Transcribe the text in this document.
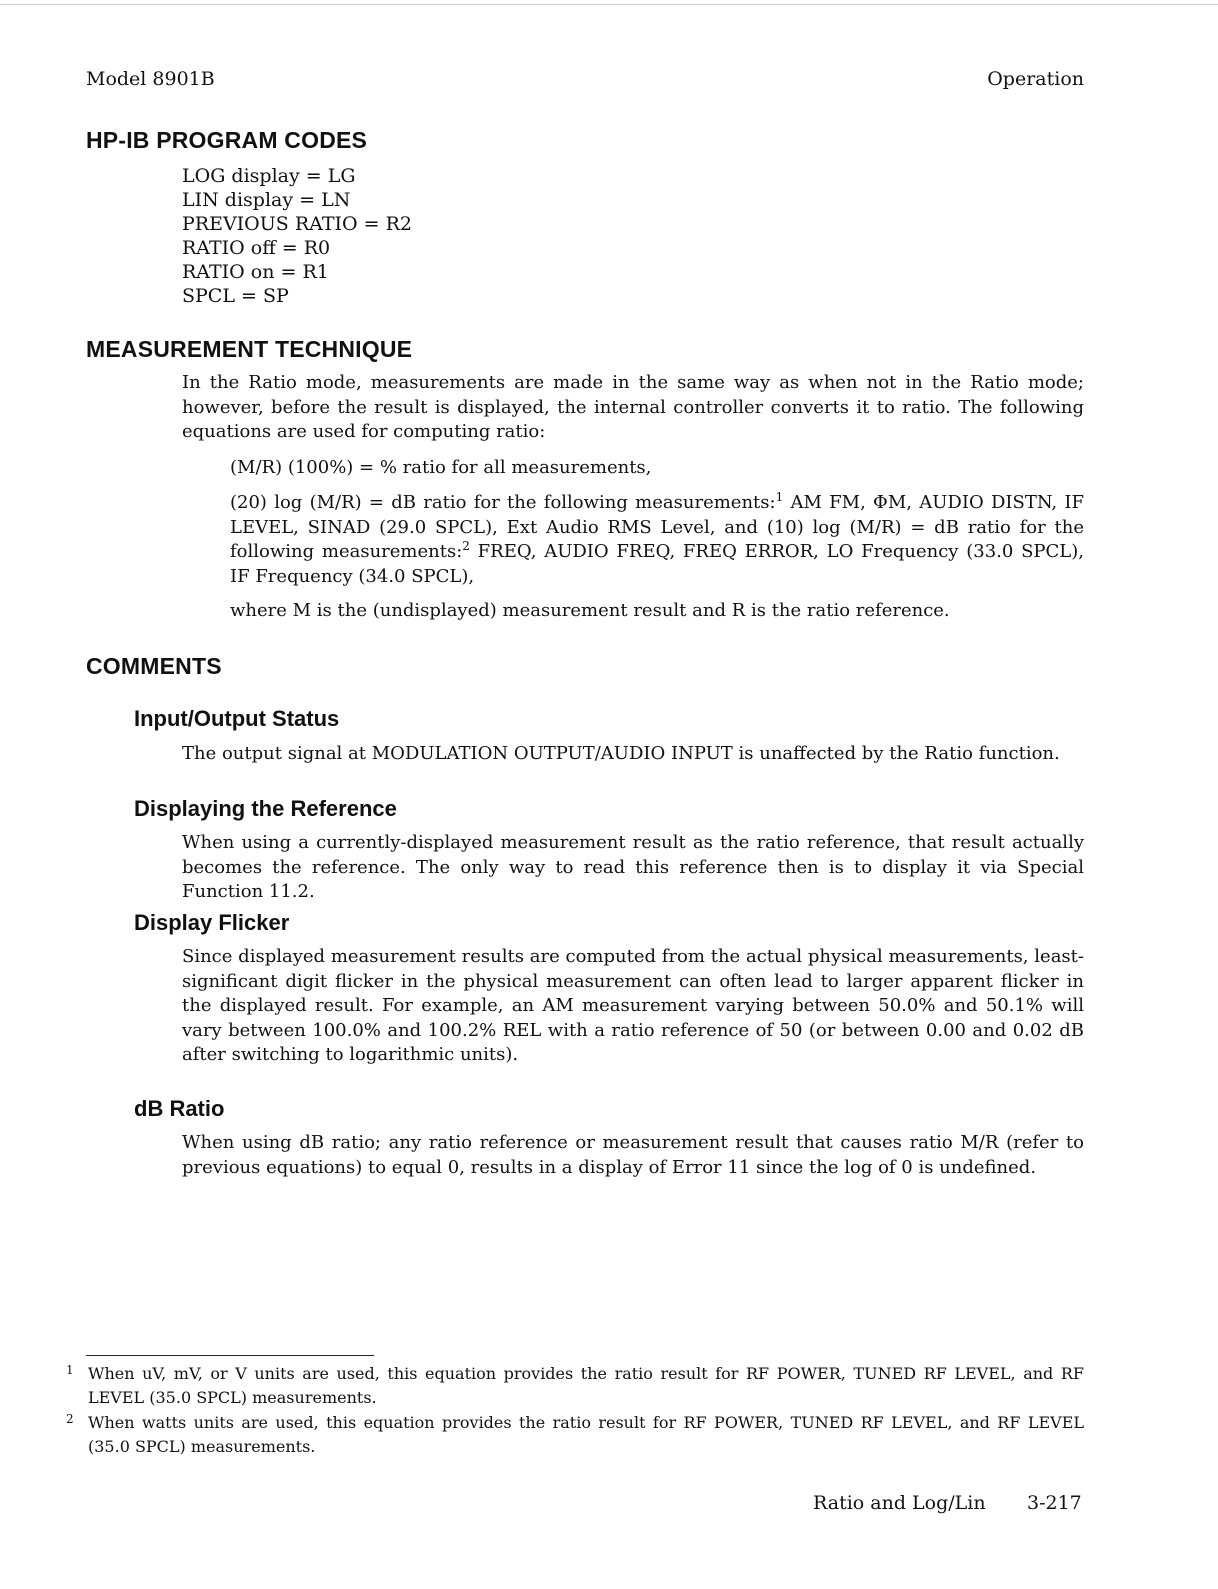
Model 8901B	Operation
HP-IB PROGRAM CODES
LOG display = LG
LIN display = LN
PREVIOUS RATIO = R2
RATIO off = R0
RATIO on = R1
SPCL = SP
MEASUREMENT TECHNIQUE
In the Ratio mode, measurements are made in the same way as when not in the Ratio mode; however, before the result is displayed, the internal controller converts it to ratio. The following equations are used for computing ratio:
(M/R) (100%) = % ratio for all measurements,
(20) log (M/R) = dB ratio for the following measurements:$^1$ AM FM, ΦM, AUDIO DISTN, IF LEVEL, SINAD (29.0 SPCL), Ext Audio RMS Level, and (10) log (M/R) = dB ratio for the following measurements:$^2$ FREQ, AUDIO FREQ, FREQ ERROR, LO Frequency (33.0 SPCL), IF Frequency (34.0 SPCL),
where M is the (undisplayed) measurement result and R is the ratio reference.
COMMENTS
Input/Output Status
The output signal at MODULATION OUTPUT/AUDIO INPUT is unaffected by the Ratio function.
Displaying the Reference
When using a currently-displayed measurement result as the ratio reference, that result actually becomes the reference. The only way to read this reference then is to display it via Special Function 11.2.
Display Flicker
Since displayed measurement results are computed from the actual physical measurements, least-significant digit flicker in the physical measurement can often lead to larger apparent flicker in the displayed result. For example, an AM measurement varying between 50.0% and 50.1% will vary between 100.0% and 100.2% REL with a ratio reference of 50 (or between 0.00 and 0.02 dB after switching to logarithmic units).
dB Ratio
When using dB ratio; any ratio reference or measurement result that causes ratio M/R (refer to previous equations) to equal 0, results in a display of Error 11 since the log of 0 is undefined.
1 When uV, mV, or V units are used, this equation provides the ratio result for RF POWER, TUNED RF LEVEL, and RF LEVEL (35.0 SPCL) measurements.
2 When watts units are used, this equation provides the ratio result for RF POWER, TUNED RF LEVEL, and RF LEVEL (35.0 SPCL) measurements.
Ratio and Log/Lin 3-217
